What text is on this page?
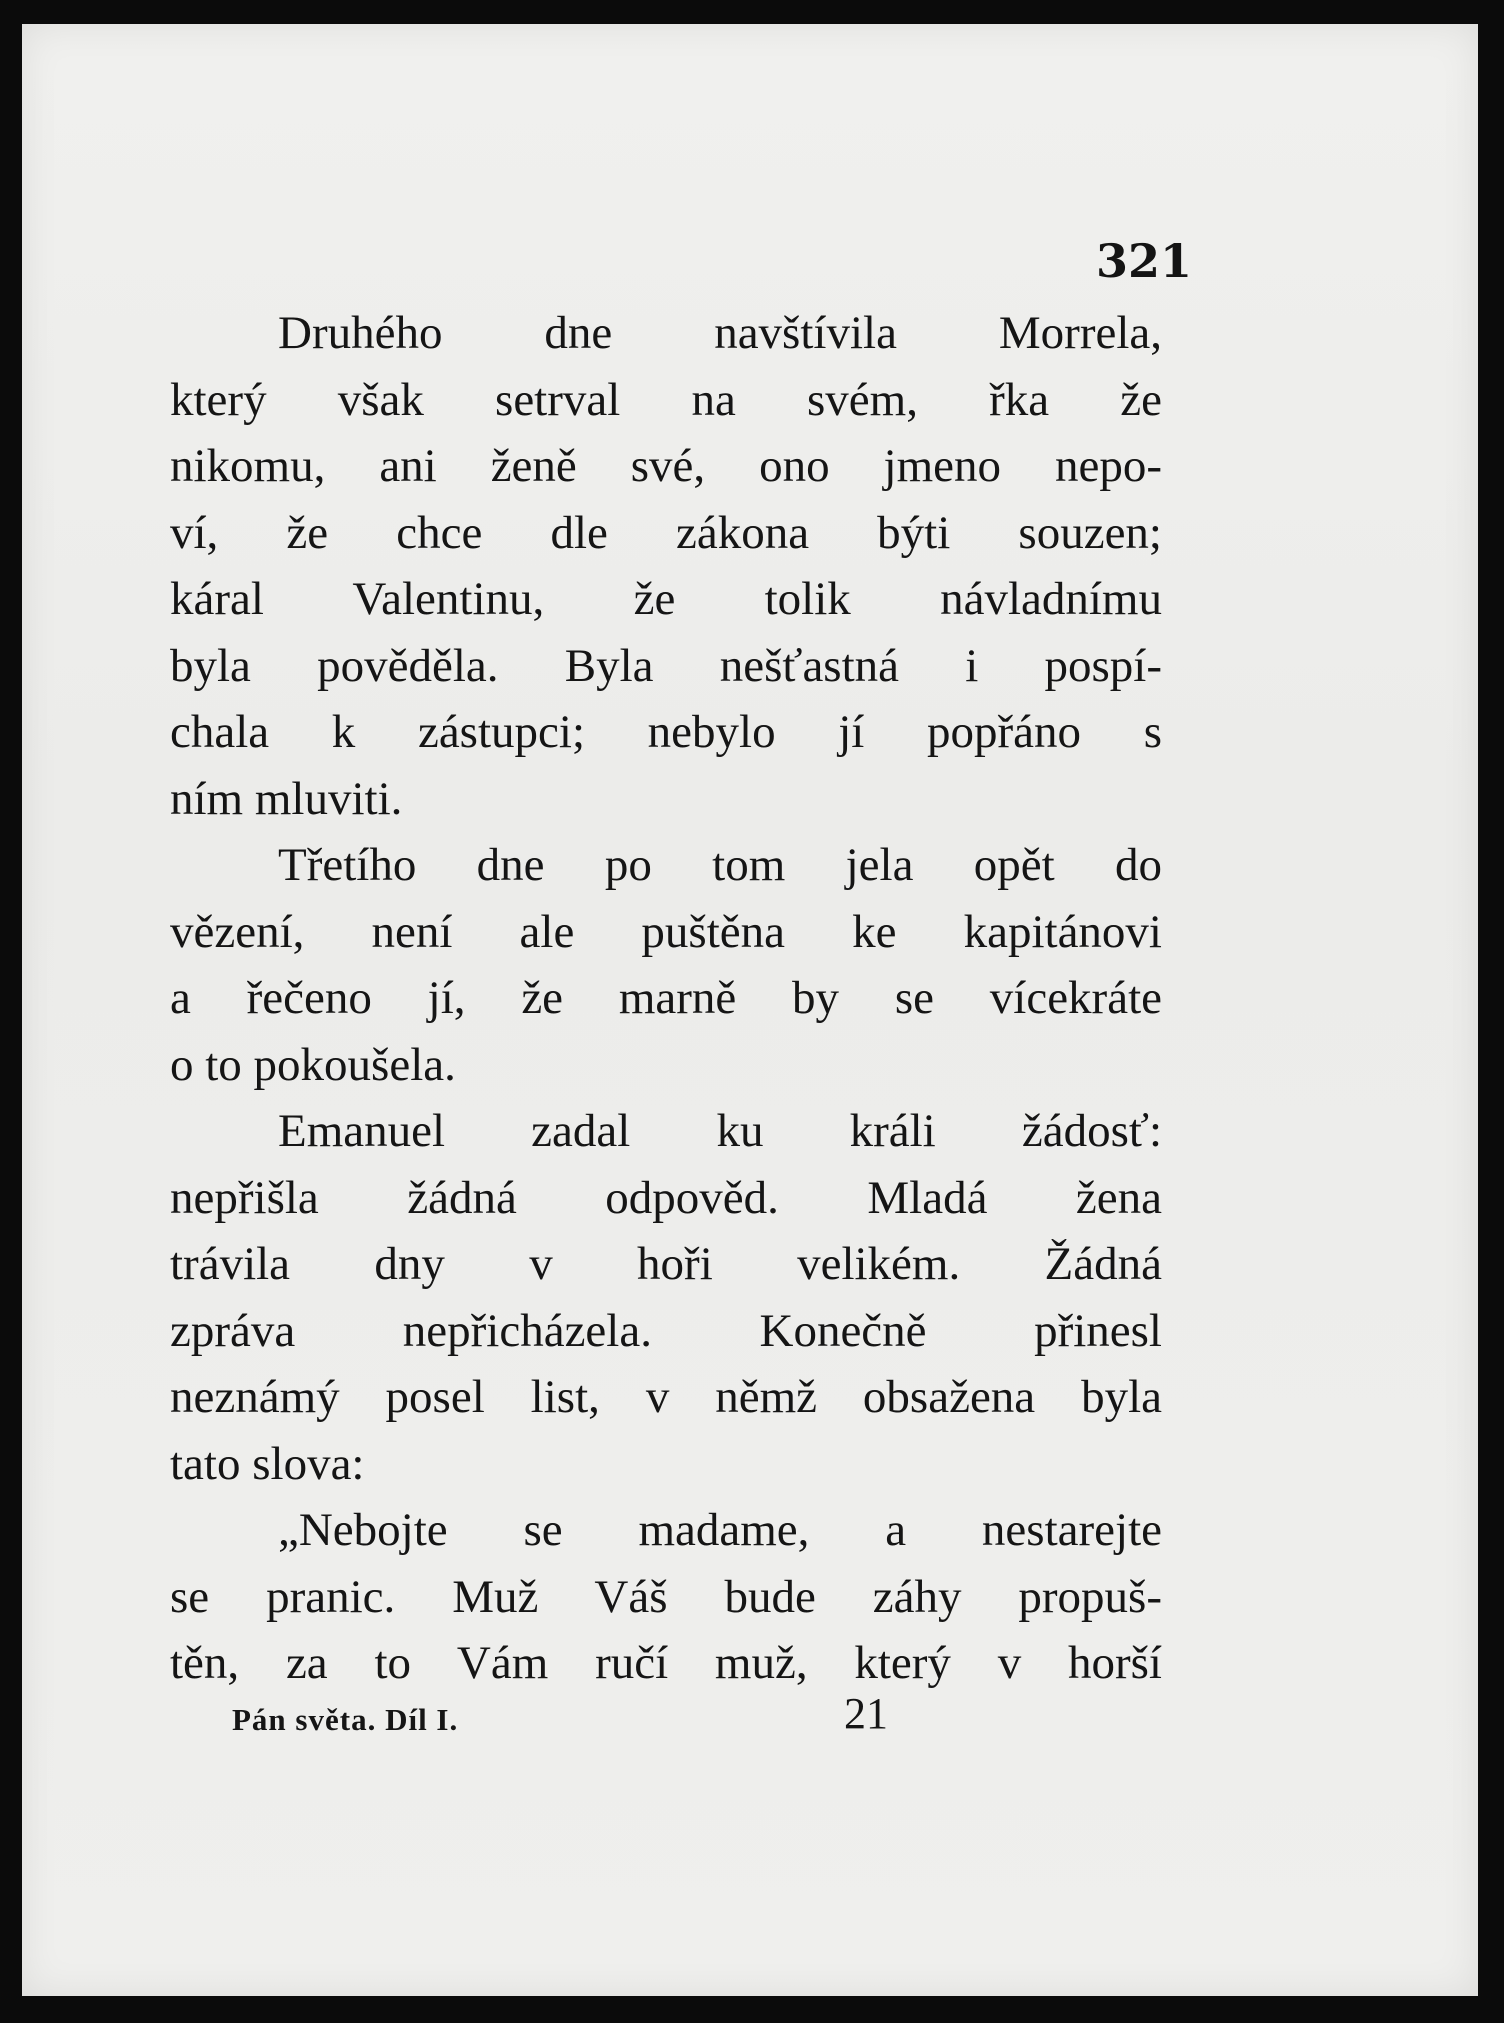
321
Druhého dne navštívila Morrela,
který však setrval na svém, řka že
nikomu, ani ženě své, ono jmeno nepo-
ví, že chce dle zákona býti souzen;
káral Valentinu, že tolik návladnímu
byla pověděla. Byla nešťastná i pospí-
chala k zástupci; nebylo jí popřáno s
ním mluviti.
Třetího dne po tom jela opět do
vězení, není ale puštěna ke kapitánovi
a řečeno jí, že marně by se vícekráte
o to pokoušela.
Emanuel zadal ku králi žádosť:
nepřišla žádná odpověd. Mladá žena
trávila dny v hoři velikém. Žádná
zpráva nepřicházela. Konečně přinesl
neznámý posel list, v němž obsažena byla
tato slova:
„Nebojte se madame, a nestarejte
se pranic. Muž Váš bude záhy propuš-
těn, za to Vám ručí muž, který v horší
Pán světa. Díl I.	21
